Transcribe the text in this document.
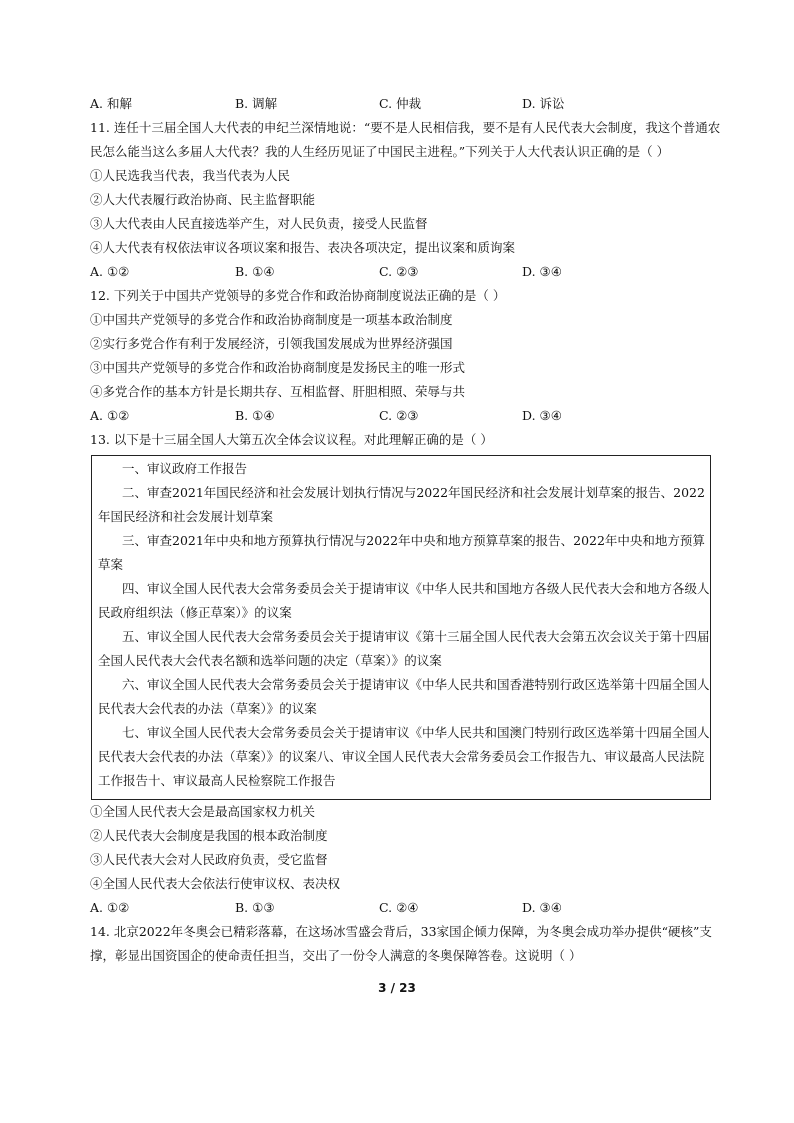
A. 和解	B. 调解	C. 仲裁	D. 诉讼
11. 连任十三届全国人大代表的申纪兰深情地说：“要不是人民相信我，要不是有人民代表大会制度，我这个普通农
民怎么能当这么多届人大代表？我的人生经历见证了中国民主进程。”下列关于人大代表认识正确的是（ ）
①人民选我当代表，我当代表为人民
②人大代表履行政治协商、民主监督职能
③人大代表由人民直接选举产生，对人民负责，接受人民监督
④人大代表有权依法审议各项议案和报告、表决各项决定，提出议案和质询案
A. ①②	B. ①④	C. ②③	D. ③④
12. 下列关于中国共产党领导的多党合作和政治协商制度说法正确的是（ ）
①中国共产党领导的多党合作和政治协商制度是一项基本政治制度
②实行多党合作有利于发展经济，引领我国发展成为世界经济强国
③中国共产党领导的多党合作和政治协商制度是发扬民主的唯一形式
④多党合作的基本方针是长期共存、互相监督、肝胆相照、荣辱与共
A. ①②	B. ①④	C. ②③	D. ③④
13. 以下是十三届全国人大第五次全体会议议程。对此理解正确的是（ ）
一、审议政府工作报告
二、审查2021年国民经济和社会发展计划执行情况与2022年国民经济和社会发展计划草案的报告、2022
年国民经济和社会发展计划草案
三、审查2021年中央和地方预算执行情况与2022年中央和地方预算草案的报告、2022年中央和地方预算
草案
四、审议全国人民代表大会常务委员会关于提请审议《中华人民共和国地方各级人民代表大会和地方各级人
民政府组织法（修正草案）》的议案
五、审议全国人民代表大会常务委员会关于提请审议《第十三届全国人民代表大会第五次会议关于第十四届
全国人民代表大会代表名额和选举问题的决定（草案）》的议案
六、审议全国人民代表大会常务委员会关于提请审议《中华人民共和国香港特别行政区选举第十四届全国人
民代表大会代表的办法（草案）》的议案
七、审议全国人民代表大会常务委员会关于提请审议《中华人民共和国澳门特别行政区选举第十四届全国人
民代表大会代表的办法（草案）》的议案八、审议全国人民代表大会常务委员会工作报告九、审议最高人民法院
工作报告十、审议最高人民检察院工作报告
①全国人民代表大会是最高国家权力机关
②人民代表大会制度是我国的根本政治制度
③人民代表大会对人民政府负责，受它监督
④全国人民代表大会依法行使审议权、表决权
A. ①②	B. ①③	C. ②④	D. ③④
14. 北京2022年冬奥会已精彩落幕，在这场冰雪盛会背后，33家国企倾力保障，为冬奥会成功举办提供“硬核”支
撑，彰显出国资国企的使命责任担当，交出了一份令人满意的冬奥保障答卷。这说明（ ）
3 / 23
